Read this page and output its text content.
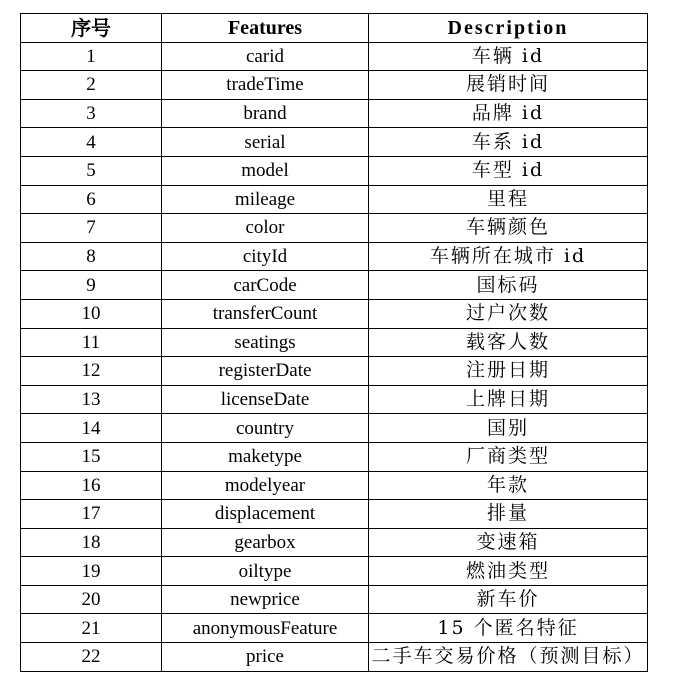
序号	Features	Description
1	carid	车辆 id
2	tradeTime	展销时间
3	brand	品牌 id
4	serial	车系 id
5	model	车型 id
6	mileage	里程
7	color	车辆颜色
8	cityId	车辆所在城市 id
9	carCode	国标码
10	transferCount	过户次数
11	seatings	载客人数
12	registerDate	注册日期
13	licenseDate	上牌日期
14	country	国别
15	maketype	厂商类型
16	modelyear	年款
17	displacement	排量
18	gearbox	变速箱
19	oiltype	燃油类型
20	newprice	新车价
21	anonymousFeature	15 个匿名特征
22	price	二手车交易价格（预测目标）
